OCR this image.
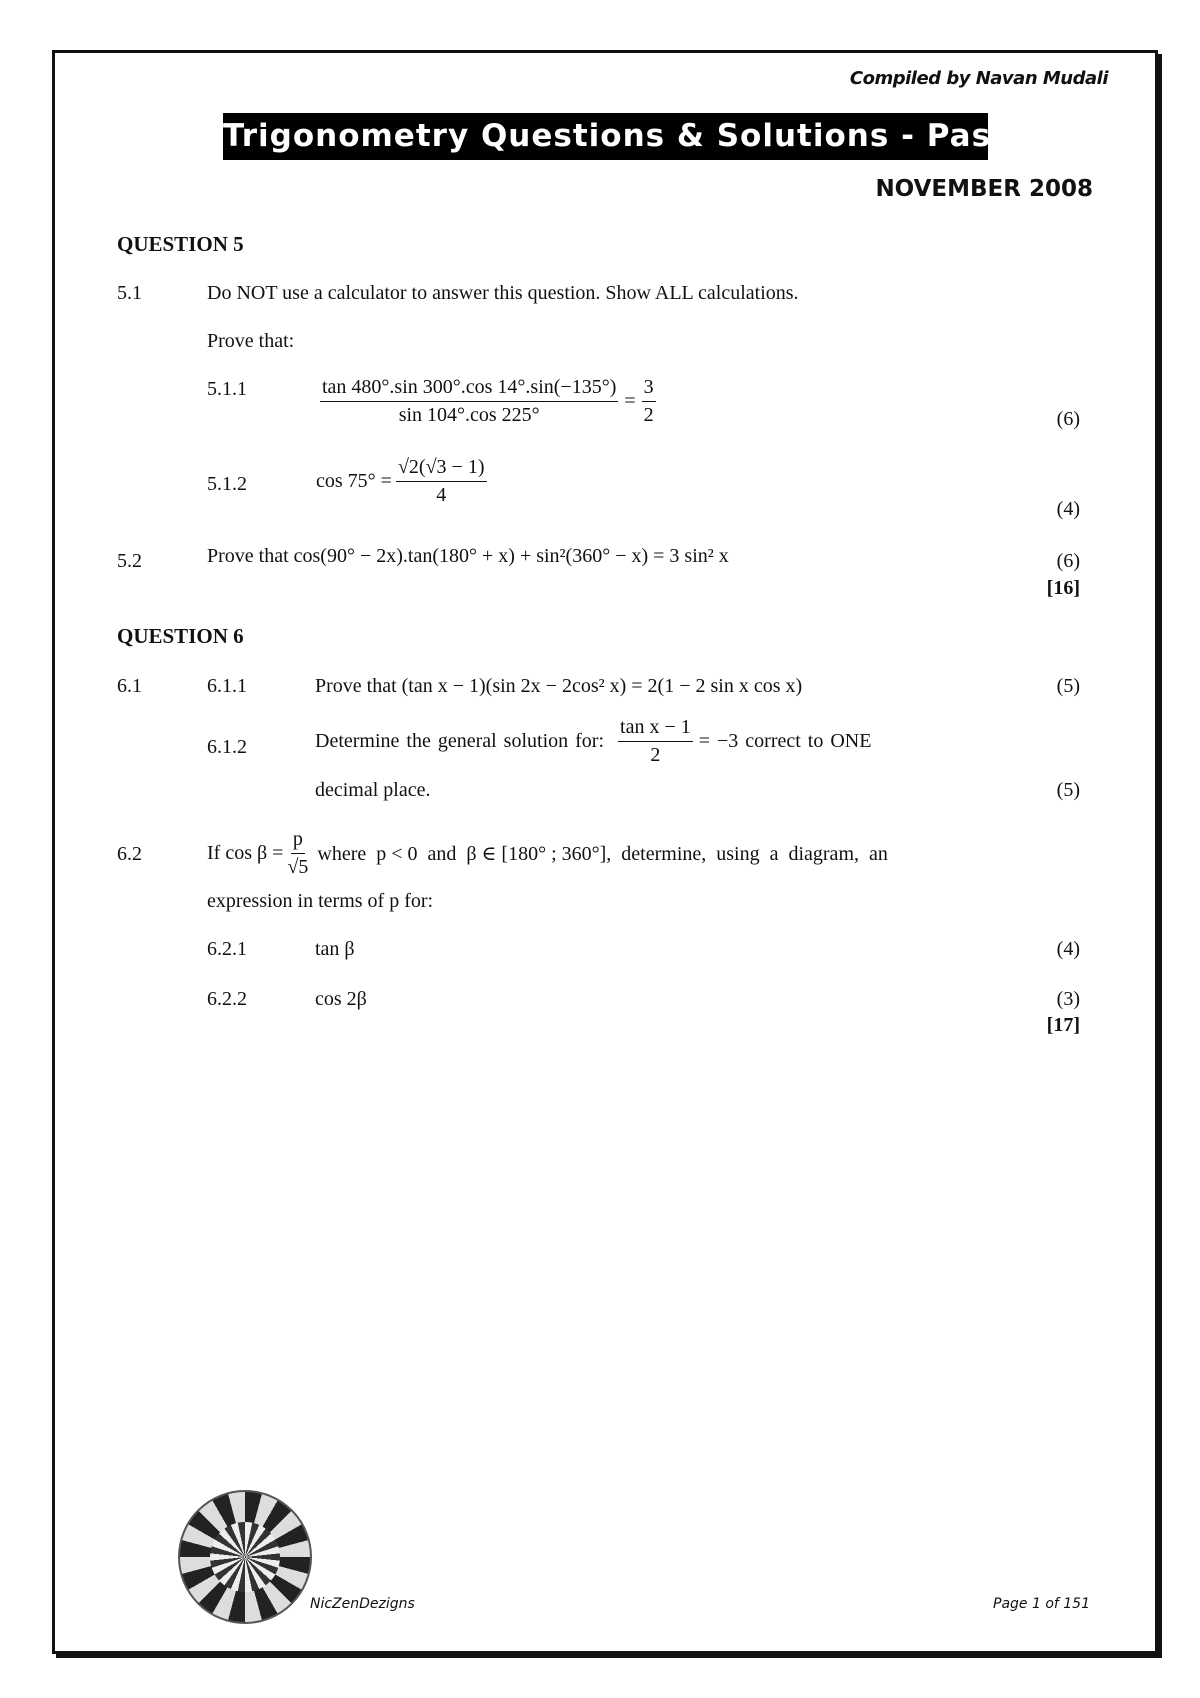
Compiled by Navan Mudali
Trigonometry Questions & Solutions - Past Papers
NOVEMBER 2008
QUESTION 5
5.1	Do NOT use a calculator to answer this question. Show ALL calculations.
Prove that:
5.1.1	$\frac{\tan 480^\circ.\sin 300^\circ.\cos 14^\circ.\sin(-135^\circ)}{\sin 104^\circ.\cos 225^\circ} = \frac{3}{2}$	(6)
5.1.2	$\cos 75^\circ = \frac{√2(√3 - 1)}{4}$
(4)
5.2	Prove that cos(90° − 2x).tan(180° + x) + sin²(360° − x) = 3 sin² x	(6)
[16]
QUESTION 6
6.1	6.1.1	Prove that (tan x − 1)(sin 2x − 2cos² x) = 2(1 − 2 sin x cos x)	(5)
6.1.2	Determine the general solution for: $\frac{\text{tan x − 1}}{2} = -3$ correct to ONE
decimal place.	(5)
6.2	If $\cos \beta = \frac{p}{√5}$ where  p < 0  and  β ∈ [180° ; 360°],  determine,  using  a  diagram,  an
expression in terms of p for:
6.2.1	tan β	(4)
6.2.2	cos 2β	(3)
[17]
NicZenDezigns	Page 1 of 151
